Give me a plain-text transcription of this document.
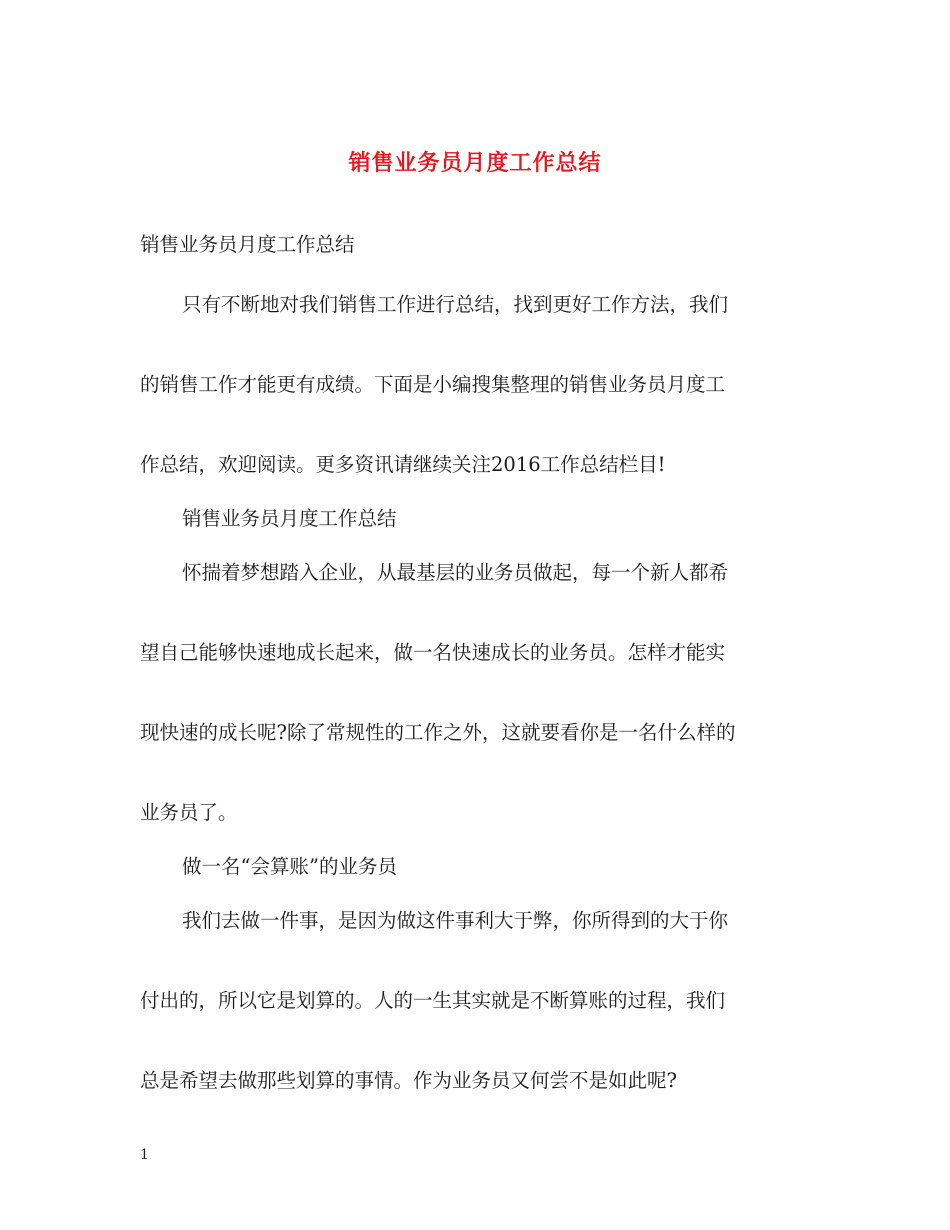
销售业务员月度工作总结

销售业务员月度工作总结

只有不断地对我们销售工作进行总结，找到更好工作方法，我们

的销售工作才能更有成绩。下面是小编搜集整理的销售业务员月度工

作总结，欢迎阅读。更多资讯请继续关注2016工作总结栏目!

销售业务员月度工作总结

怀揣着梦想踏入企业，从最基层的业务员做起，每一个新人都希

望自己能够快速地成长起来，做一名快速成长的业务员。怎样才能实

现快速的成长呢?除了常规性的工作之外，这就要看你是一名什么样的

业务员了。

做一名“会算账”的业务员

我们去做一件事，是因为做这件事利大于弊，你所得到的大于你

付出的，所以它是划算的。人的一生其实就是不断算账的过程，我们

总是希望去做那些划算的事情。作为业务员又何尝不是如此呢?

1
